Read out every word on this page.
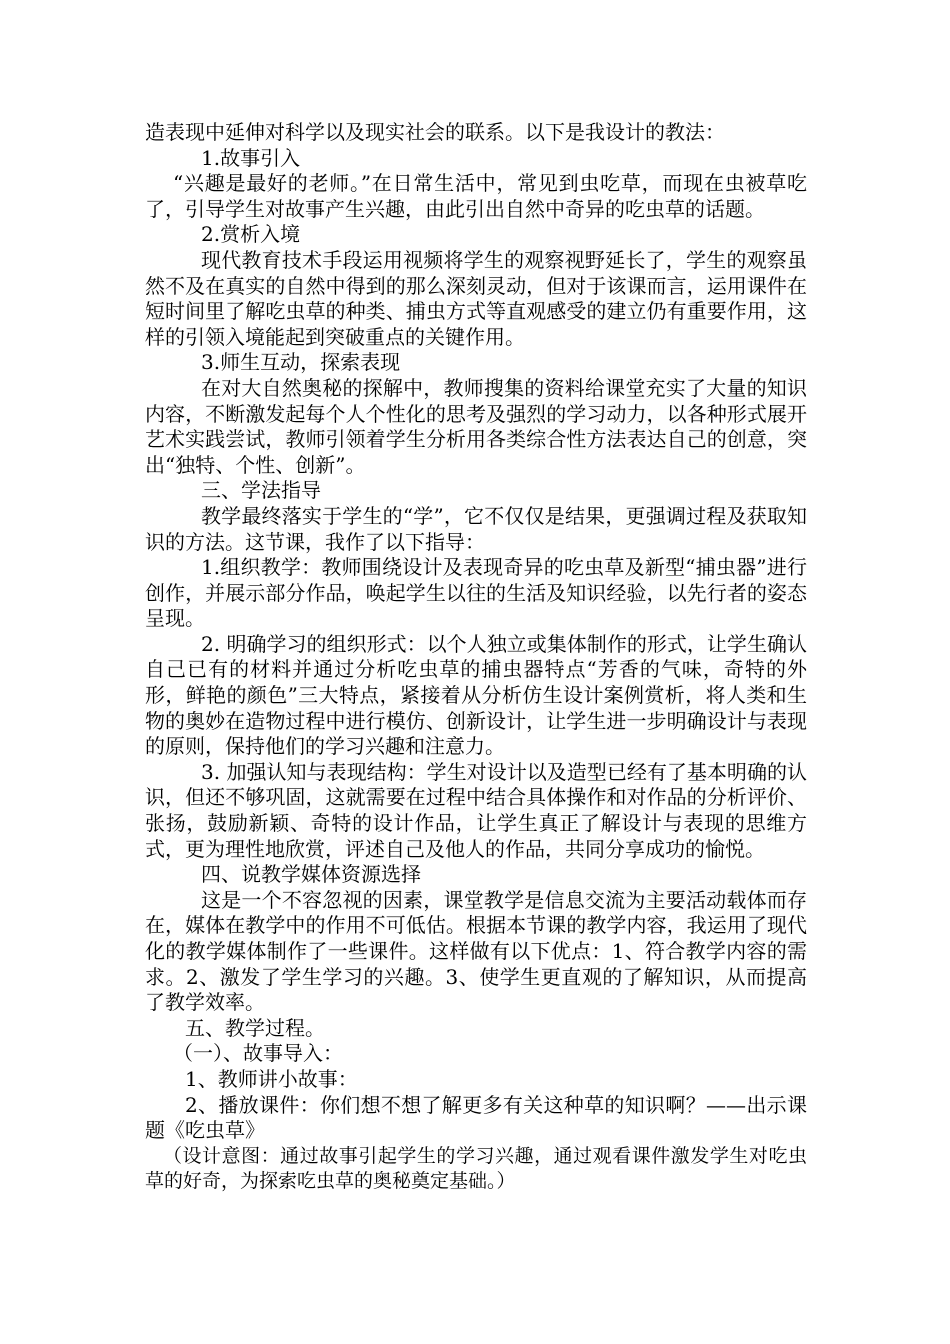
造表现中延伸对科学以及现实社会的联系。以下是我设计的教法：

1.故事引入

“兴趣是最好的老师。”在日常生活中，常见到虫吃草，而现在虫被草吃了，引导学生对故事产生兴趣，由此引出自然中奇异的吃虫草的话题。

2.赏析入境

现代教育技术手段运用视频将学生的观察视野延长了，学生的观察虽然不及在真实的自然中得到的那么深刻灵动，但对于该课而言，运用课件在短时间里了解吃虫草的种类、捕虫方式等直观感受的建立仍有重要作用，这样的引领入境能起到突破重点的关键作用。

3.师生互动，探索表现

在对大自然奥秘的探解中，教师搜集的资料给课堂充实了大量的知识内容，不断激发起每个人个性化的思考及强烈的学习动力，以各种形式展开艺术实践尝试，教师引领着学生分析用各类综合性方法表达自己的创意，突出“独特、个性、创新”。

三、学法指导

教学最终落实于学生的“学”，它不仅仅是结果，更强调过程及获取知识的方法。这节课，我作了以下指导：

1.组织教学：教师围绕设计及表现奇异的吃虫草及新型“捕虫器”进行创作，并展示部分作品，唤起学生以往的生活及知识经验，以先行者的姿态呈现。

2. 明确学习的组织形式：以个人独立或集体制作的形式，让学生确认自己已有的材料并通过分析吃虫草的捕虫器特点“芳香的气味，奇特的外形，鲜艳的颜色”三大特点，紧接着从分析仿生设计案例赏析，将人类和生物的奥妙在造物过程中进行模仿、创新设计，让学生进一步明确设计与表现的原则，保持他们的学习兴趣和注意力。

3. 加强认知与表现结构：学生对设计以及造型已经有了基本明确的认识，但还不够巩固，这就需要在过程中结合具体操作和对作品的分析评价、张扬，鼓励新颖、奇特的设计作品，让学生真正了解设计与表现的思维方式，更为理性地欣赏，评述自己及他人的作品，共同分享成功的愉悦。

四、说教学媒体资源选择

这是一个不容忽视的因素，课堂教学是信息交流为主要活动载体而存在，媒体在教学中的作用不可低估。根据本节课的教学内容，我运用了现代化的教学媒体制作了一些课件。这样做有以下优点：1、符合教学内容的需求。2、激发了学生学习的兴趣。3、使学生更直观的了解知识，从而提高了教学效率。

五、教学过程。

（一）、故事导入：

1、教师讲小故事：

2、播放课件：你们想不想了解更多有关这种草的知识啊？——出示课题《吃虫草》

（设计意图：通过故事引起学生的学习兴趣，通过观看课件激发学生对吃虫草的好奇，为探索吃虫草的奥秘奠定基础。）
